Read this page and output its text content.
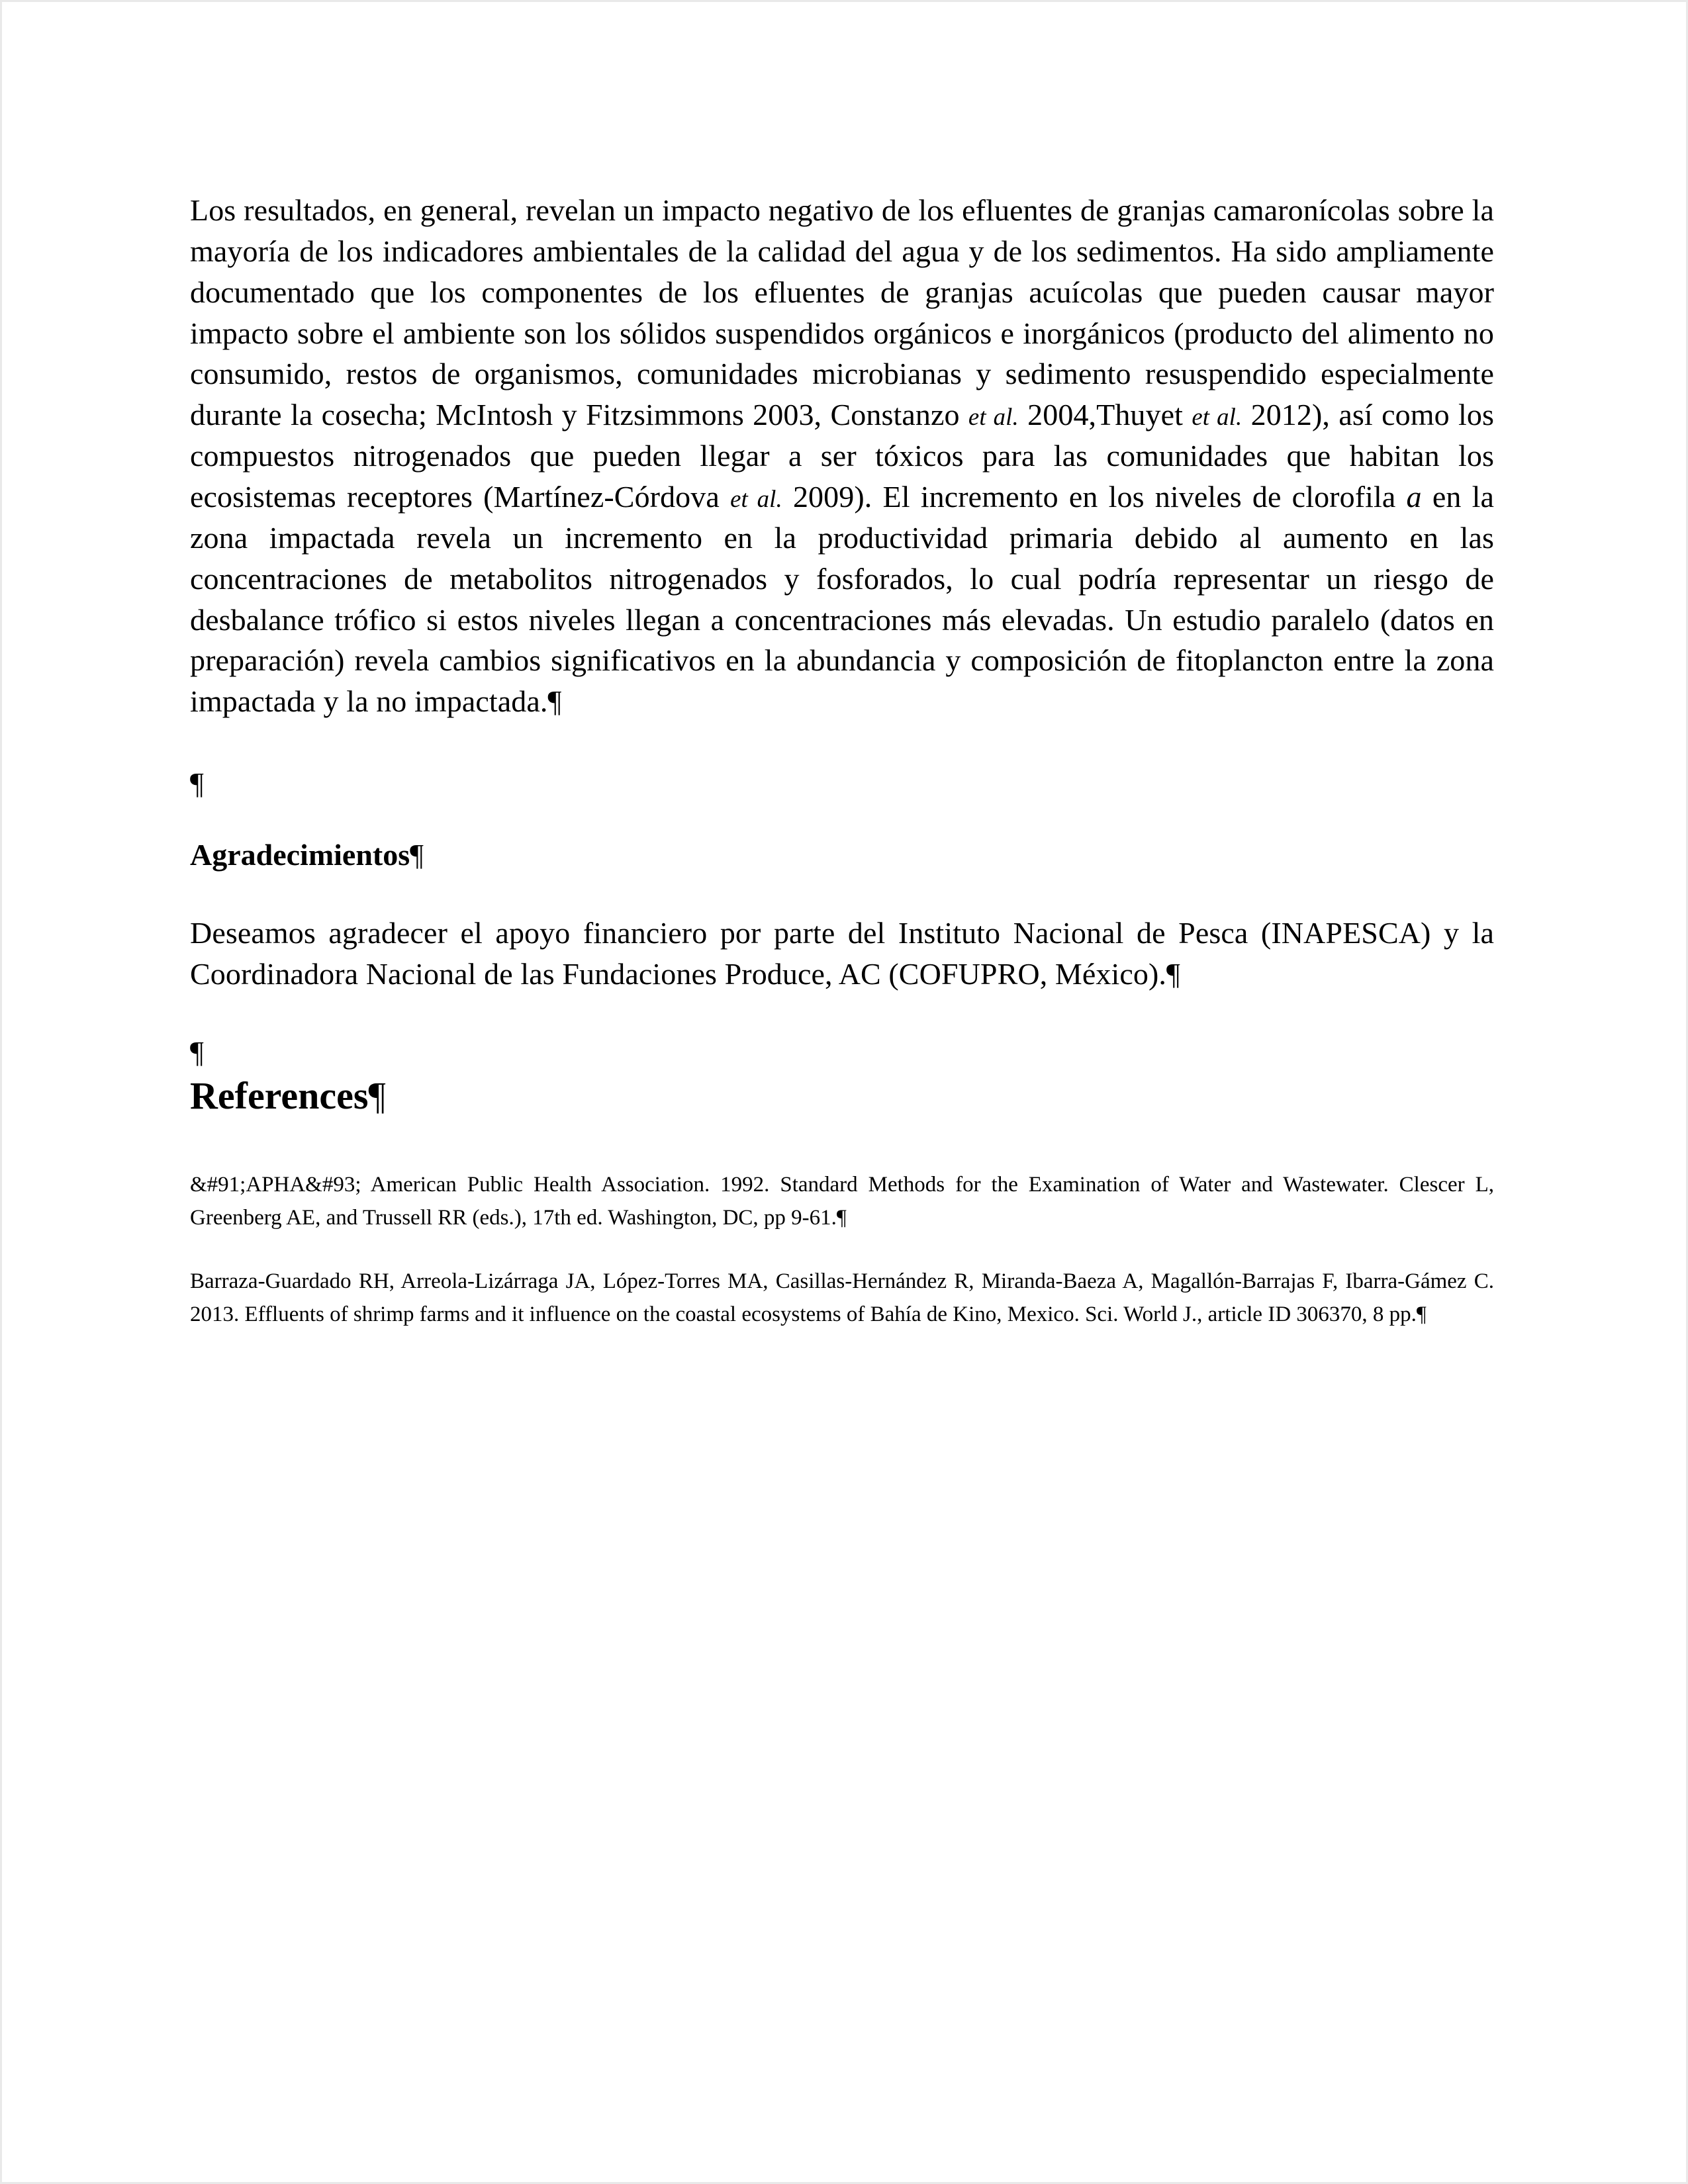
Los resultados, en general, revelan un impacto negativo de los efluentes de granjas camaronícolas sobre la mayoría de los indicadores ambientales de la calidad del agua y de los sedimentos. Ha sido ampliamente documentado que los componentes de los efluentes de granjas acuícolas que pueden causar mayor impacto sobre el ambiente son los sólidos suspendidos orgánicos e inorgánicos (producto del alimento no consumido, restos de organismos, comunidades microbianas y sedimento resuspendido especialmente durante la cosecha; McIntosh y Fitzsimmons 2003, Constanzo et al. 2004,Thuyet et al. 2012), así como los compuestos nitrogenados que pueden llegar a ser tóxicos para las comunidades que habitan los ecosistemas receptores (Martínez-Córdova et al. 2009). El incremento en los niveles de clorofila a en la zona impactada revela un incremento en la productividad primaria debido al aumento en las concentraciones de metabolitos nitrogenados y fosforados, lo cual podría representar un riesgo de desbalance trófico si estos niveles llegan a concentraciones más elevadas. Un estudio paralelo (datos en preparación) revela cambios significativos en la abundancia y composición de fitoplancton entre la zona impactada y la no impactada.¶

¶

Agradecimientos¶

Deseamos agradecer el apoyo financiero por parte del Instituto Nacional de Pesca (INAPESCA) y la Coordinadora Nacional de las Fundaciones Produce, AC (COFUPRO, México).¶

¶

References¶

&#91;APHA&#93; American Public Health Association. 1992. Standard Methods for the Examination of Water and Wastewater. Clescer L, Greenberg AE, and Trussell RR (eds.), 17th ed. Washington, DC, pp 9-61.¶

Barraza-Guardado RH, Arreola-Lizárraga JA, López-Torres MA, Casillas-Hernández R, Miranda-Baeza A, Magallón-Barrajas F, Ibarra-Gámez C. 2013. Effluents of shrimp farms and it influence on the coastal ecosystems of Bahía de Kino, Mexico. Sci. World J., article ID 306370, 8 pp.¶
